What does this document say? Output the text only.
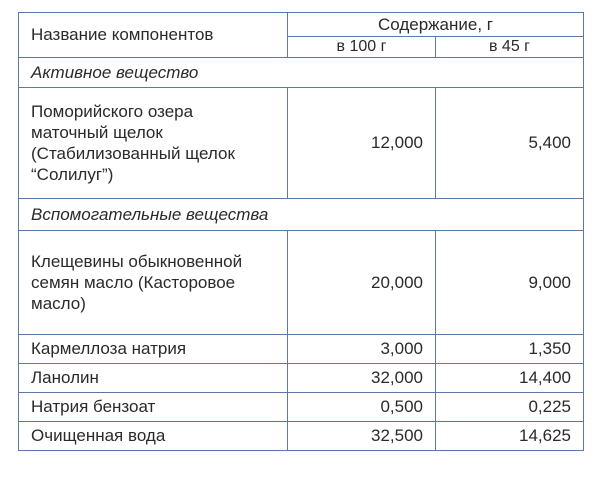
Название компонентов	Содержание, г	
	в 100 г	в 45 г
Активное вещество		
Поморийского озера маточный щелок (Стабилизованный щелок “Солилуг”)	12,000	5,400
Вспомогательные вещества		
Клещевины обыкновенной семян масло (Касторовое масло)	20,000	9,000
Кармеллоза натрия	3,000	1,350
Ланолин	32,000	14,400
Натрия бензоат	0,500	0,225
Очищенная вода	32,500	14,625
